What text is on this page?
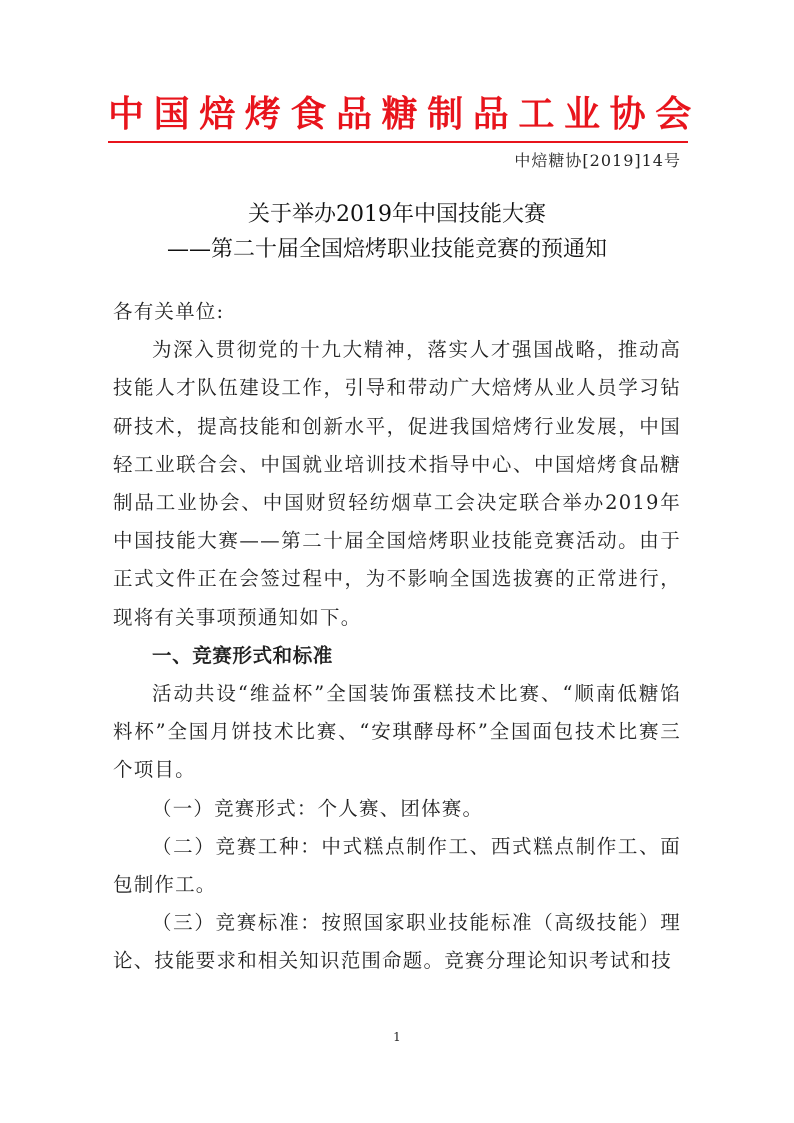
中国焙烤食品糖制品工业协会
中焙糖协[2019]14号
关于举办2019年中国技能大赛
——第二十届全国焙烤职业技能竞赛的预通知

各有关单位:

为深入贯彻党的十九大精神，落实人才强国战略，推动高技能人才队伍建设工作，引导和带动广大焙烤从业人员学习钻研技术，提高技能和创新水平，促进我国焙烤行业发展，中国轻工业联合会、中国就业培训技术指导中心、中国焙烤食品糖制品工业协会、中国财贸轻纺烟草工会决定联合举办2019年中国技能大赛——第二十届全国焙烤职业技能竞赛活动。由于正式文件正在会签过程中，为不影响全国选拔赛的正常进行，现将有关事项预通知如下。

一、竞赛形式和标准

活动共设“维益杯”全国装饰蛋糕技术比赛、“顺南低糖馅料杯”全国月饼技术比赛、“安琪酵母杯”全国面包技术比赛三个项目。

（一）竞赛形式：个人赛、团体赛。

（二）竞赛工种：中式糕点制作工、西式糕点制作工、面包制作工。

（三）竞赛标准：按照国家职业技能标准（高级技能）理论、技能要求和相关知识范围命题。竞赛分理论知识考试和技

1
